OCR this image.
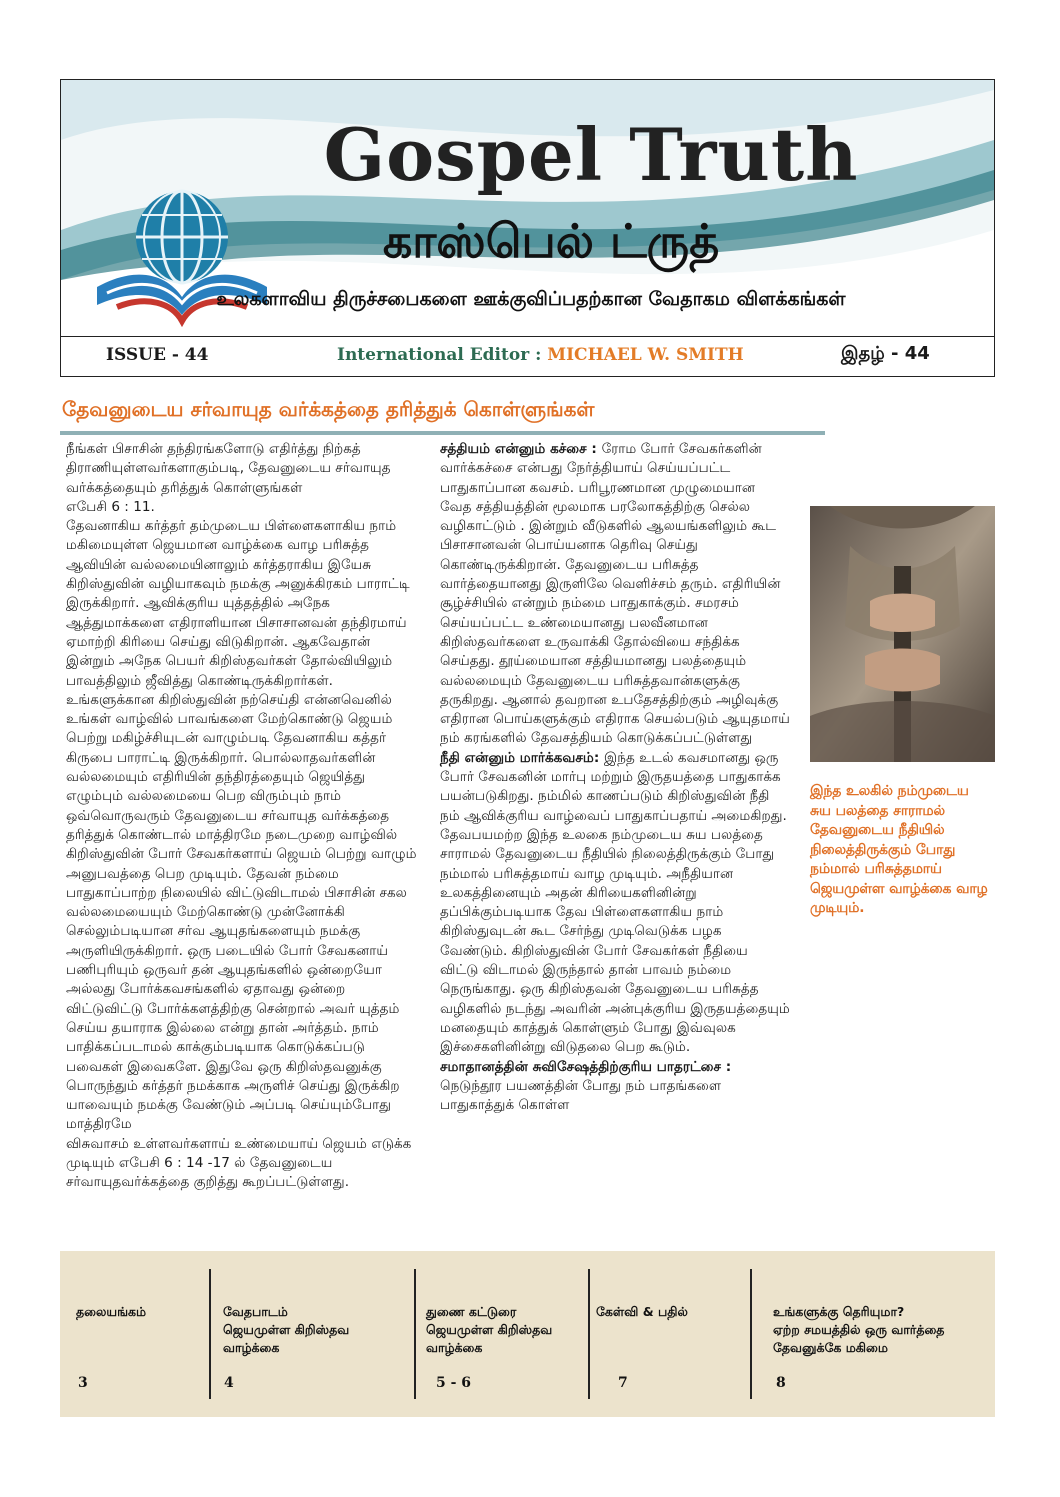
Gospel Truth
காஸ்பெல் ட்ருத்
உலகளாவிய திருச்சபைகளை ஊக்குவிப்பதற்கான வேதாகம விளக்கங்கள்
ISSUE - 44	International Editor : MICHAEL W. SMITH	இதழ் - 44
தேவனுடைய சர்வாயுத வர்க்கத்தை தரித்துக் கொள்ளுங்கள்

நீங்கள் பிசாசின் தந்திரங்களோடு எதிர்த்து நிற்கத் திராணியுள்ளவர்களாகும்படி, தேவனுடைய சர்வாயுத வர்க்கத்தையும் தரித்துக் கொள்ளுங்கள்

எபேசி 6 : 11.

தேவனாகிய கர்த்தர் தம்முடைய பிள்ளைகளாகிய நாம் மகிமையுள்ள ஜெயமான வாழ்க்கை வாழ பரிசுத்த ஆவியின் வல்லமையினாலும் கர்த்தராகிய இயேசு கிறிஸ்துவின் வழியாகவும் நமக்கு அனுக்கிரகம் பாராட்டி இருக்கிறார். ஆவிக்குரிய யுத்தத்தில் அநேக ஆத்துமாக்களை எதிராளியான பிசாசானவன் தந்திரமாய் ஏமாற்றி கிரியை செய்து விடுகிறான். ஆகவேதான் இன்றும் அநேக பெயர் கிறிஸ்தவர்கள் தோல்வியிலும் பாவத்திலும் ஜீவித்து கொண்டிருக்கிறார்கள். உங்களுக்கான கிறிஸ்துவின் நற்செய்தி என்னவெனில் உங்கள் வாழ்வில் பாவங்களை மேற்கொண்டு ஜெயம் பெற்று மகிழ்ச்சியுடன் வாழும்படி தேவனாகிய கத்தர் கிருபை பாராட்டி இருக்கிறார். பொல்லாதவர்களின் வல்லமையும் எதிரியின் தந்திரத்தையும் ஜெயித்து எழும்பும் வல்லமையை பெற விரும்பும் நாம் ஒவ்வொருவரும் தேவனுடைய சர்வாயுத வர்க்கத்தை தரித்துக் கொண்டால் மாத்திரமே நடைமுறை வாழ்வில் கிறிஸ்துவின் போர் சேவகர்களாய் ஜெயம் பெற்று வாழும் அனுபவத்தை பெற முடியும். தேவன் நம்மை பாதுகாப்பாற்ற நிலையில் விட்டுவிடாமல் பிசாசின் சகல வல்லமையையும் மேற்கொண்டு முன்னோக்கி செல்லும்படியான சர்வ ஆயுதங்களையும் நமக்கு அருளியிருக்கிறார். ஒரு படையில் போர் சேவகனாய் பணிபுரியும் ஒருவர் தன் ஆயுதங்களில் ஒன்றையோ அல்லது போர்க்கவசங்களில் ஏதாவது ஒன்றை விட்டுவிட்டு போர்க்களத்திற்கு சென்றால் அவர் யுத்தம் செய்ய தயாராக இல்லை என்று தான் அர்த்தம். நாம் பாதிக்கப்படாமல் காக்கும்படியாக கொடுக்கப்படு பவைகள் இவைகளே. இதுவே ஒரு கிறிஸ்தவனுக்கு பொருந்தும் கர்த்தர் நமக்காக அருளிச் செய்து இருக்கிற யாவையும் நமக்கு வேண்டும் அப்படி செய்யும்போது மாத்திரமே

விசுவாசம் உள்ளவர்களாய் உண்மையாய் ஜெயம் எடுக்க முடியும் எபேசி 6 : 14 -17 ல் தேவனுடைய சர்வாயுதவர்க்கத்தை குறித்து கூறப்பட்டுள்ளது.

சத்தியம் என்னும் கச்சை : ரோம போர் சேவகர்களின் வார்க்கச்சை என்பது நேர்த்தியாய் செய்யப்பட்ட பாதுகாப்பான கவசம். பரிபூரணமான முழுமையான வேத சத்தியத்தின் மூலமாக பரலோகத்திற்கு செல்ல வழிகாட்டும் . இன்றும் வீடுகளில் ஆலயங்களிலும் கூட பிசாசானவன் பொய்யனாக தெரிவு செய்து கொண்டிருக்கிறான். தேவனுடைய பரிசுத்த வார்த்தையானது இருளிலே வெளிச்சம் தரும். எதிரியின் சூழ்ச்சியில் என்றும் நம்மை பாதுகாக்கும். சமரசம் செய்யப்பட்ட உண்மையானது பலவீனமான கிறிஸ்தவர்களை உருவாக்கி தோல்வியை சந்திக்க செய்தது. தூய்மையான சத்தியமானது பலத்தையும் வல்லமையும் தேவனுடைய பரிசுத்தவான்களுக்கு தருகிறது. ஆனால் தவறான உபதேசத்திற்கும் அழிவுக்கு எதிரான பொய்களுக்கும் எதிராக செயல்படும் ஆயுதமாய் நம் கரங்களில் தேவசத்தியம் கொடுக்கப்பட்டுள்ளது

நீதி என்னும் மார்க்கவசம்: இந்த உடல் கவசமானது ஒரு போர் சேவகனின் மார்பு மற்றும் இருதயத்தை பாதுகாக்க பயன்படுகிறது. நம்மில் காணப்படும் கிறிஸ்துவின் நீதி நம் ஆவிக்குரிய வாழ்வைப் பாதுகாப்பதாய் அமைகிறது. தேவபயமற்ற இந்த உலகை நம்முடைய சுய பலத்தை சாராமல் தேவனுடைய நீதியில் நிலைத்திருக்கும் போது நம்மால் பரிசுத்தமாய் வாழ முடியும். அநீதியான உலகத்தினையும் அதன் கிரியைகளினின்று தப்பிக்கும்படியாக தேவ பிள்ளைகளாகிய நாம் கிறிஸ்துவுடன் கூட சேர்ந்து முடிவெடுக்க பழக வேண்டும். கிறிஸ்துவின் போர் சேவகர்கள் நீதியை விட்டு விடாமல் இருந்தால் தான் பாவம் நம்மை நெருங்காது. ஒரு கிறிஸ்தவன் தேவனுடைய பரிசுத்த வழிகளில் நடந்து அவரின் அன்புக்குரிய இருதயத்தையும் மனதையும் காத்துக் கொள்ளும் போது இவ்வுலக இச்சைகளினின்று விடுதலை பெற கூடும்.

சமாதானத்தின் சுவிசேஷத்திற்குரிய பாதரட்சை :
நெடுந்தூர பயணத்தின் போது நம் பாதங்களை பாதுகாத்துக் கொள்ள

இந்த உலகில் நம்முடைய சுய பலத்தை சாராமல் தேவனுடைய நீதியில் நிலைத்திருக்கும் போது நம்மால் பரிசுத்தமாய் ஜெயமுள்ள வாழ்க்கை வாழ முடியும்.
தலையங்கம்
3
வேதபாடம்
ஜெயமுள்ள கிறிஸ்தவ
வாழ்க்கை
4
துணை கட்டுரை
ஜெயமுள்ள கிறிஸ்தவ
வாழ்க்கை
5 - 6
கேள்வி & பதில்
7
உங்களுக்கு தெரியுமா?
ஏற்ற சமயத்தில் ஒரு வார்த்தை
தேவனுக்கே மகிமை
8
